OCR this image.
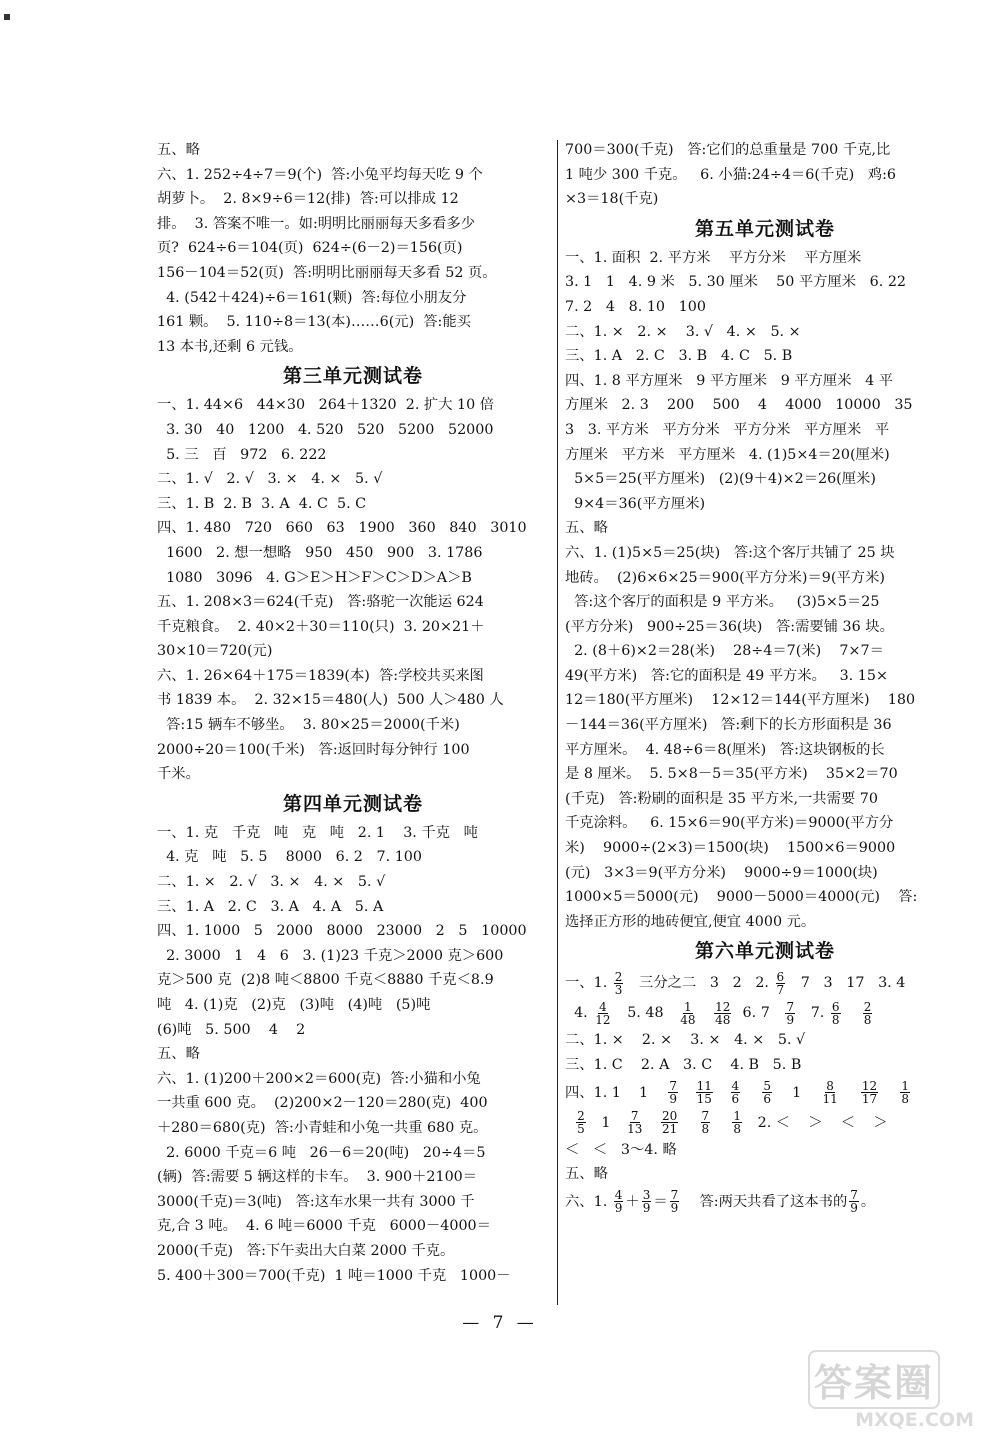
五、略
六、1. 252÷4÷7＝9(个)  答:小兔平均每天吃 9 个
胡萝卜。  2. 8×9÷6＝12(排)  答:可以排成 12
排。  3. 答案不唯一。如:明明比丽丽每天多看多少
页?  624÷6＝104(页)  624÷(6－2)＝156(页)
156－104＝52(页)  答:明明比丽丽每天多看 52 页。
4. (542＋424)÷6＝161(颗)  答:每位小朋友分
161 颗。  5. 110÷8＝13(本)……6(元)  答:能买
13 本书,还剩 6 元钱。
第三单元测试卷
一、1. 44×6   44×30   264＋1320  2. 扩大 10 倍
3. 30   40   1200   4. 520   520   5200   52000
5. 三   百   972   6. 222
二、1. √   2. √   3. ×   4. ×   5. √
三、1. B  2. B  3. A  4. C  5. C
四、1. 480   720   660   63   1900   360   840   3010
1600   2. 想一想略   950   450   900   3. 1786
1080   3096   4. G＞E＞H＞F＞C＞D＞A＞B
五、1. 208×3＝624(千克)   答:骆驼一次能运 624
千克粮食。  2. 40×2＋30＝110(只)  3. 20×21＋
30×10＝720(元)
六、1. 26×64＋175＝1839(本)  答:学校共买来图
书 1839 本。  2. 32×15＝480(人)  500 人＞480 人
答:15 辆车不够坐。  3. 80×25＝2000(千米)
2000÷20＝100(千米)   答:返回时每分钟行 100
千米。
第四单元测试卷
一、1. 克   千克   吨   克   吨   2. 1    3. 千克   吨
4. 克   吨   5. 5    8000   6. 2   7. 100
二、1. ×   2. √   3. ×   4. ×   5. √
三、1. A   2. C   3. A   4. A   5. A
四、1. 1000   5   2000   8000   23000   2   5   10000
2. 3000   1   4   6   3. (1)23 千克＞2000 克＞600
克＞500 克  (2)8 吨＜8800 千克＜8880 千克＜8.9
吨   4. (1)克   (2)克   (3)吨   (4)吨   (5)吨
(6)吨   5. 500    4    2
五、略
六、1. (1)200＋200×2＝600(克)  答:小猫和小兔
一共重 600 克。  (2)200×2－120＝280(克)  400
＋280＝680(克)  答:小青蛙和小兔一共重 680 克。
2. 6000 千克＝6 吨   26－6＝20(吨)   20÷4＝5
(辆)  答:需要 5 辆这样的卡车。  3. 900＋2100＝
3000(千克)＝3(吨)   答:这车水果一共有 3000 千
克,合 3 吨。  4. 6 吨＝6000 千克   6000－4000＝
2000(千克)   答:下午卖出大白菜 2000 千克。
5. 400＋300＝700(千克)  1 吨＝1000 千克   1000－
700＝300(千克)   答:它们的总重量是 700 千克,比
1 吨少 300 千克。   6. 小猫:24÷4＝6(千克)   鸡:6
×3＝18(千克)
第五单元测试卷
一、1. 面积  2. 平方米    平方分米    平方厘米
3. 1   1   4. 9 米   5. 30 厘米    50 平方厘米   6. 22
7. 2   4   8. 10   100
二、1. ×   2. ×    3. √   4. ×   5. ×
三、1. A   2. C   3. B   4. C   5. B
四、1. 8 平方厘米   9 平方厘米   9 平方厘米   4 平
方厘米   2. 3    200    500    4    4000   10000   35
3   3. 平方米   平方分米   平方分米   平方厘米   平
方厘米   平方米   平方厘米   4. (1)5×4＝20(厘米)
5×5＝25(平方厘米)   (2)(9＋4)×2＝26(厘米)
9×4＝36(平方厘米)
五、略
六、1. (1)5×5＝25(块)   答:这个客厅共铺了 25 块
地砖。  (2)6×6×25＝900(平方分米)＝9(平方米)
答:这个客厅的面积是 9 平方米。   (3)5×5＝25
(平方分米)   900÷25＝36(块)   答:需要铺 36 块。
2. (8＋6)×2＝28(米)    28÷4＝7(米)    7×7＝
49(平方米)   答:它的面积是 49 平方米。   3. 15×
12＝180(平方厘米)    12×12＝144(平方厘米)    180
－144＝36(平方厘米)   答:剩下的长方形面积是 36
平方厘米。  4. 48÷6＝8(厘米)   答:这块钢板的长
是 8 厘米。  5. 5×8－5＝35(平方米)    35×2＝70
(千克)   答:粉刷的面积是 35 平方米,一共需要 70
千克涂料。   6. 15×6＝90(平方米)＝9000(平方分
米)    9000÷(2×3)＝1500(块)    1500×6＝9000
(元)   3×3＝9(平方分米)    9000÷9＝1000(块)
1000×5＝5000(元)    9000－5000＝4000(元)    答:
选择正方形的地砖便宜,便宜 4000 元。
第六单元测试卷
一、1. $\frac{2}{3}$ 三分之二   3   2   2. $\frac{6}{7} 7$   3   17   3. 4
4. $\frac{4}{12} 5$. $48 \frac{1}{48}$
$\frac{12}{48} 6$. $7 \frac{7}{9} 7$. $\frac{6}{8}$
$\frac{2}{8}$
二、1. ×    2. ×    3. ×   4. ×   5. √
三、1. C    2. A   3. C    4. B   5. B
四、1. 1    $1 \frac{7}{9}$
$\frac{11}{15}$
$\frac{4}{6}$
$\frac{5}{6} 1 \frac{8}{11}$
$\frac{12}{17}$
$\frac{1}{8}$

$\frac{2}{5} 1 \frac{7}{13}$
$\frac{20}{21}$
$\frac{7}{8}$
$\frac{1}{8} 2$. ＜    ＞    ＜    ＞
＜   ＜   3～4. 略
五、略
六、1. $\frac{4}{9} + \frac{3}{9} = \frac{7}{9}$ 答:两天共看了这本书的 $\frac{7}{9}$ 。
— 7 —
答案圈
MXQE.COM
